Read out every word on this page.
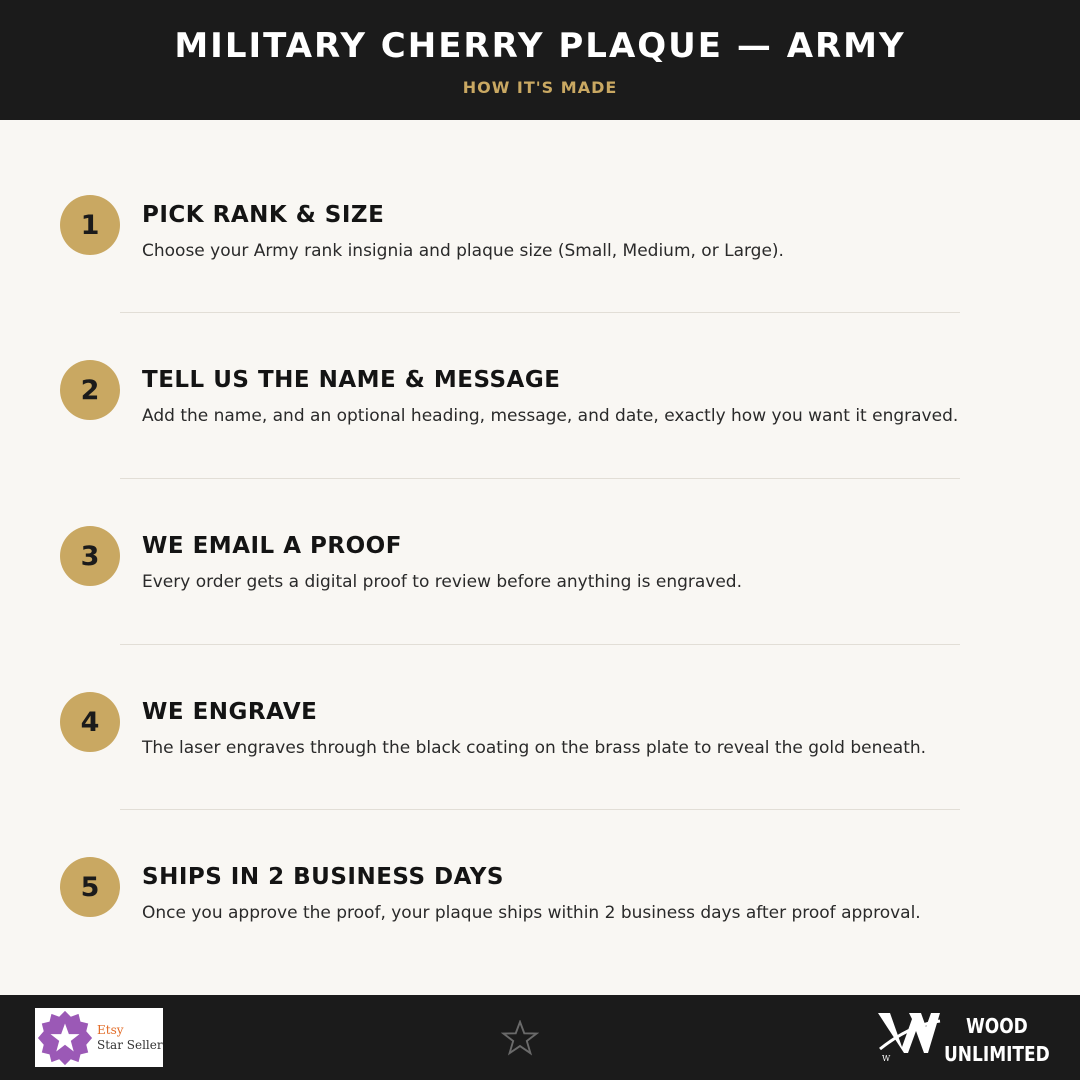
MILITARY CHERRY PLAQUE — ARMY
HOW IT'S MADE
1	PICK RANK & SIZE
Choose your Army rank insignia and plaque size (Small, Medium, or Large).
2	TELL US THE NAME & MESSAGE
Add the name, and an optional heading, message, and date, exactly how you want it engraved.
3	WE EMAIL A PROOF
Every order gets a digital proof to review before anything is engraved.
4	WE ENGRAVE
The laser engraves through the black coating on the brass plate to reveal the gold beneath.
5	SHIPS IN 2 BUSINESS DAYS
Once you approve the proof, your plaque ships within 2 business days after proof approval.
Etsy
Star Seller
W
WOOD
UNLIMITED
